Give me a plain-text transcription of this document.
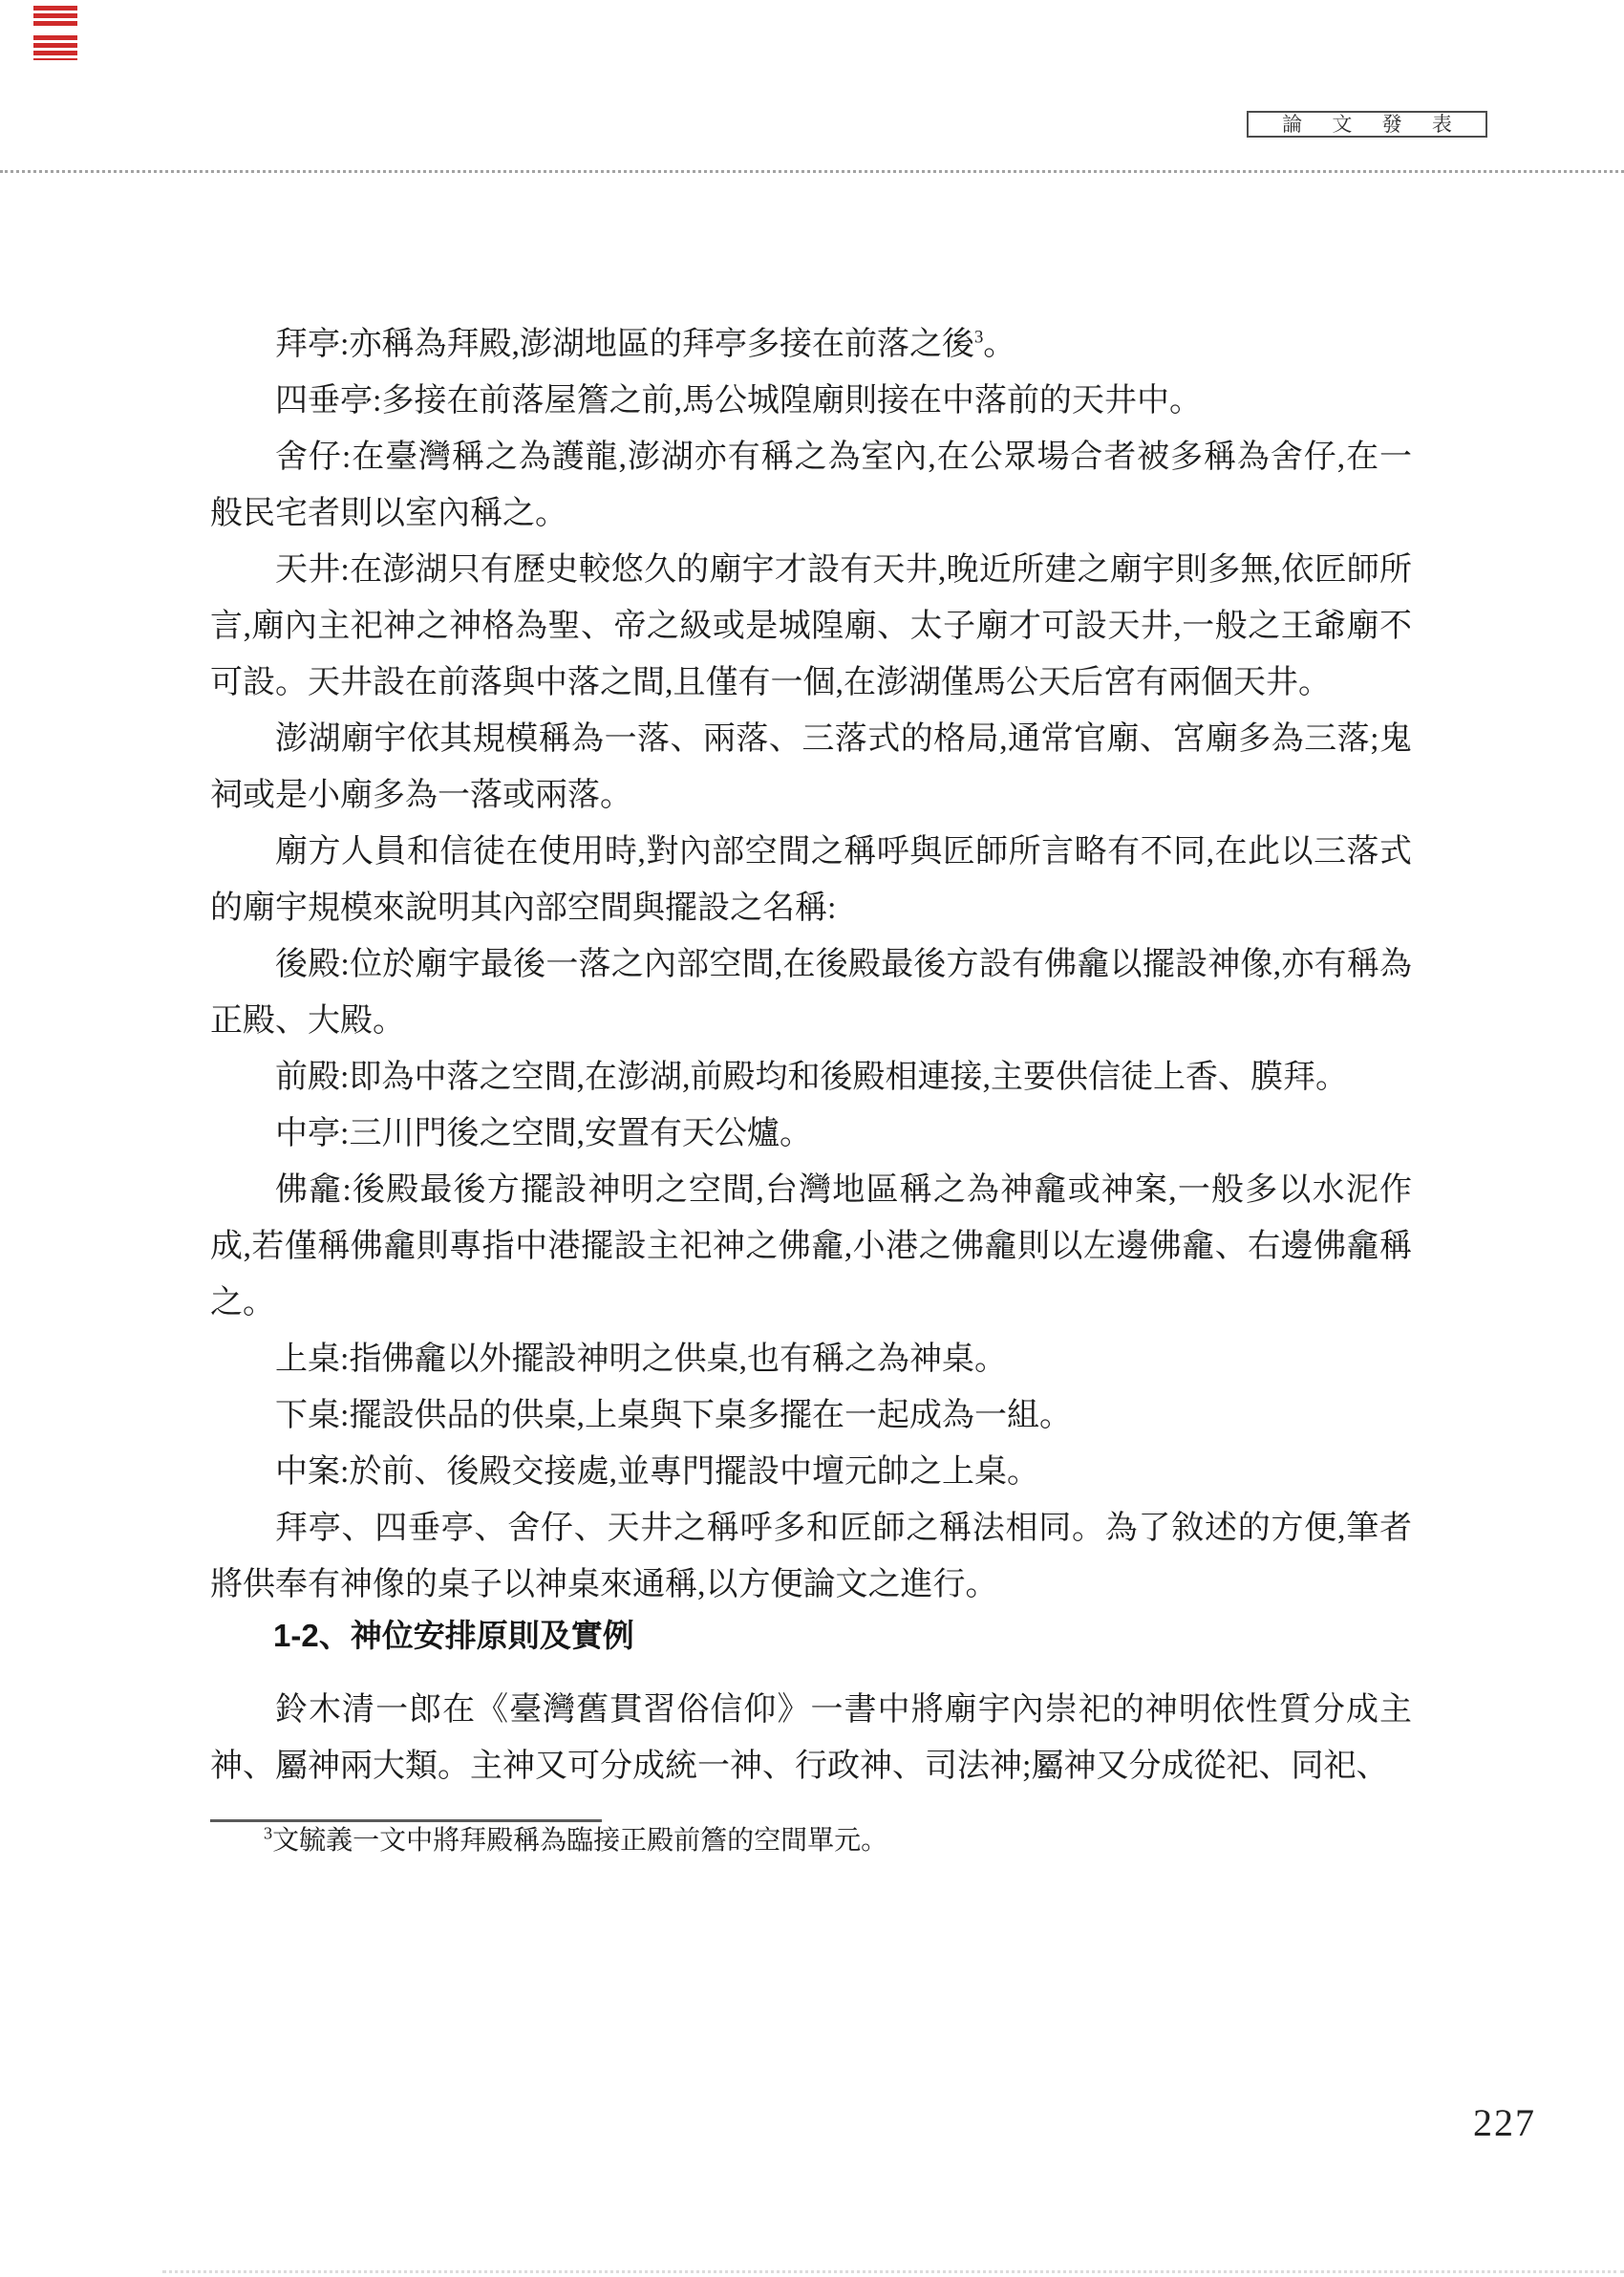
論 文 發 表

拜亭:亦稱為拜殿,澎湖地區的拜亭多接在前落之後$^3$。

四垂亭:多接在前落屋簷之前,馬公城隍廟則接在中落前的天井中。

舍仔:在臺灣稱之為護龍,澎湖亦有稱之為室內,在公眾場合者被多稱為舍仔,在一般民宅者則以室內稱之。

天井:在澎湖只有歷史較悠久的廟宇才設有天井,晚近所建之廟宇則多無,依匠師所言,廟內主祀神之神格為聖、帝之級或是城隍廟、太子廟才可設天井,一般之王爺廟不可設。天井設在前落與中落之間,且僅有一個,在澎湖僅馬公天后宮有兩個天井。

澎湖廟宇依其規模稱為一落、兩落、三落式的格局,通常官廟、宮廟多為三落;鬼祠或是小廟多為一落或兩落。

廟方人員和信徒在使用時,對內部空間之稱呼與匠師所言略有不同,在此以三落式的廟宇規模來說明其內部空間與擺設之名稱:

後殿:位於廟宇最後一落之內部空間,在後殿最後方設有佛龕以擺設神像,亦有稱為正殿、大殿。

前殿:即為中落之空間,在澎湖,前殿均和後殿相連接,主要供信徒上香、膜拜。

中亭:三川門後之空間,安置有天公爐。

佛龕:後殿最後方擺設神明之空間,台灣地區稱之為神龕或神案,一般多以水泥作成,若僅稱佛龕則專指中港擺設主祀神之佛龕,小港之佛龕則以左邊佛龕、右邊佛龕稱之。

上桌:指佛龕以外擺設神明之供桌,也有稱之為神桌。

下桌:擺設供品的供桌,上桌與下桌多擺在一起成為一組。

中案:於前、後殿交接處,並專門擺設中壇元帥之上桌。

拜亭、四垂亭、舍仔、天井之稱呼多和匠師之稱法相同。為了敘述的方便,筆者將供奉有神像的桌子以神桌來通稱,以方便論文之進行。

1-2、神位安排原則及實例

鈴木清一郎在《臺灣舊貫習俗信仰》一書中將廟宇內崇祀的神明依性質分成主神、屬神兩大類。主神又可分成統一神、行政神、司法神;屬神又分成從祀、同祀、

$^3$文毓義一文中將拜殿稱為臨接正殿前簷的空間單元。

227
